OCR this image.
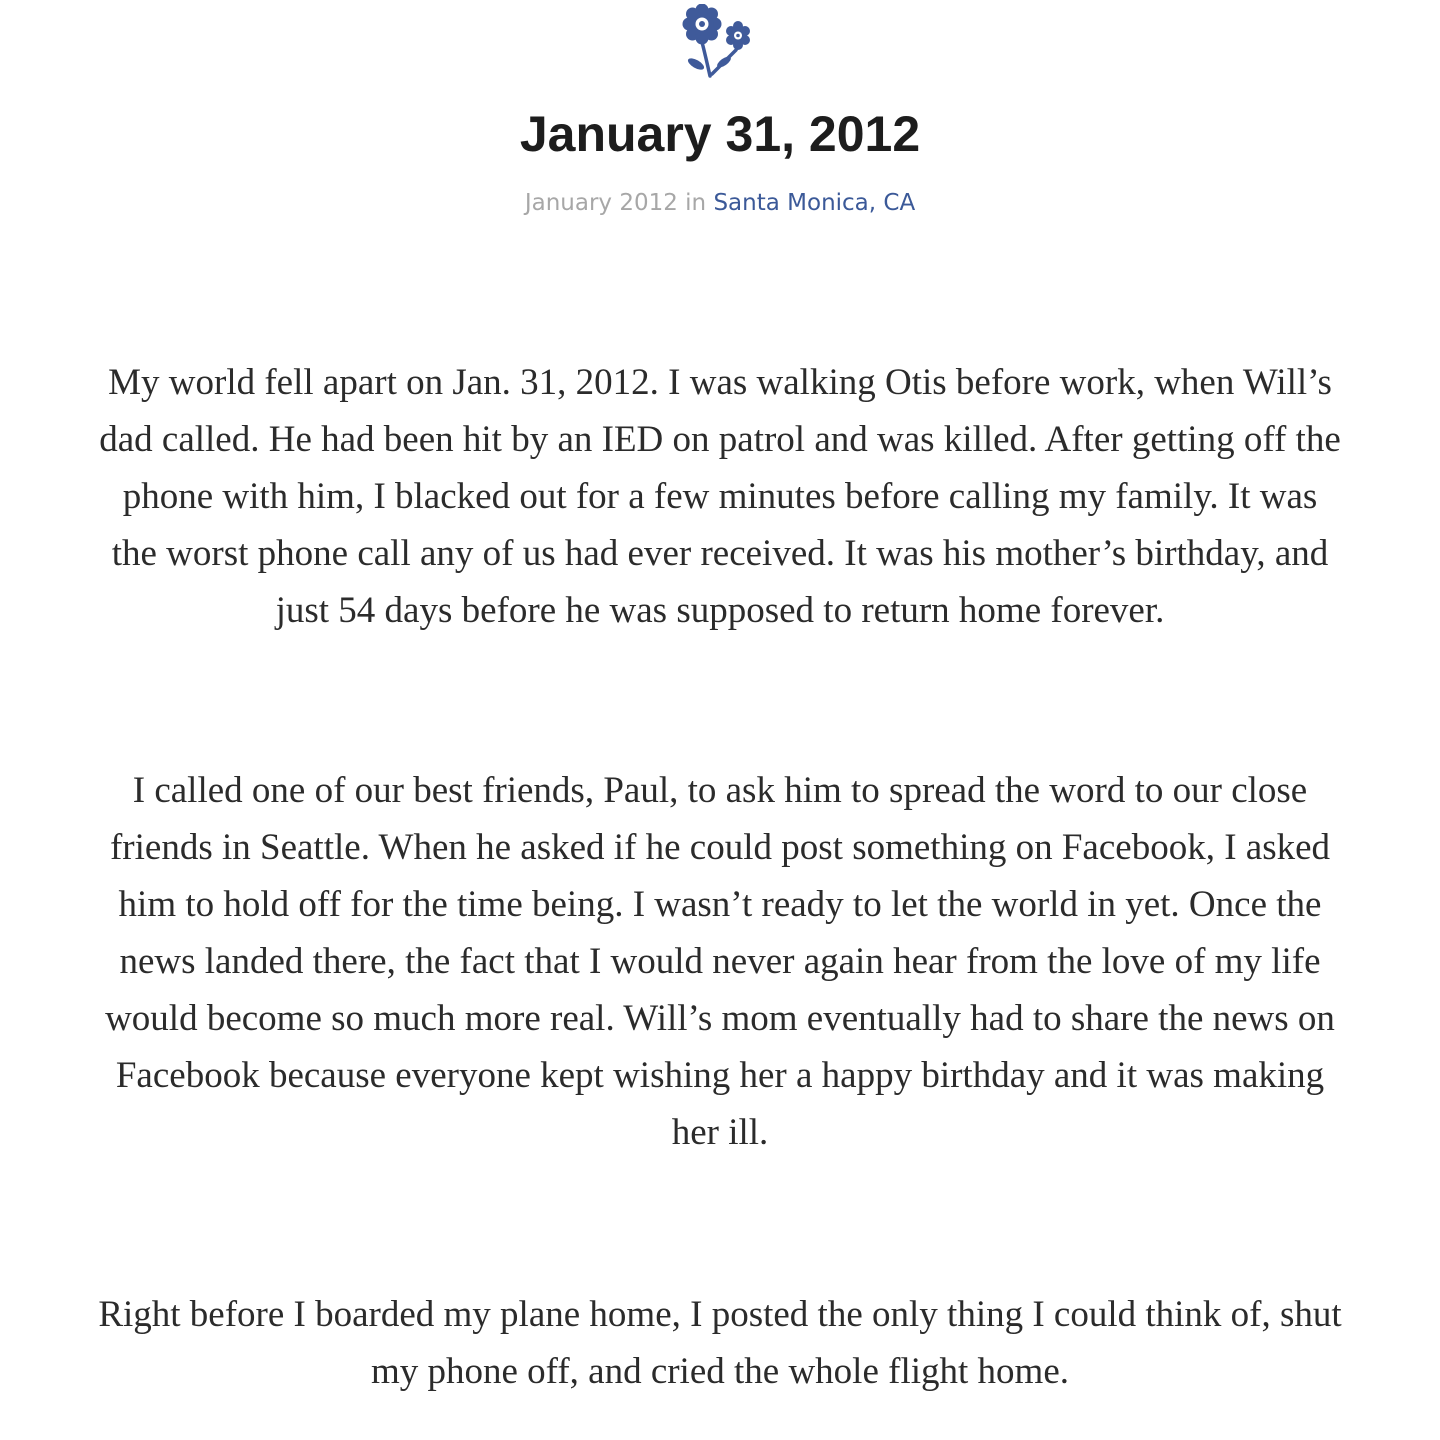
January 31, 2012
January 2012 in Santa Monica, CA

My world fell apart on Jan. 31, 2012. I was walking Otis before work, when Will’s dad called. He had been hit by an IED on patrol and was killed. After getting off the phone with him, I blacked out for a few minutes before calling my family. It was the worst phone call any of us had ever received. It was his mother’s birthday, and just 54 days before he was supposed to return home forever.

I called one of our best friends, Paul, to ask him to spread the word to our close friends in Seattle. When he asked if he could post something on Facebook, I asked him to hold off for the time being. I wasn’t ready to let the world in yet. Once the news landed there, the fact that I would never again hear from the love of my life would become so much more real. Will’s mom eventually had to share the news on Facebook because everyone kept wishing her a happy birthday and it was making her ill.

Right before I boarded my plane home, I posted the only thing I could think of, shut my phone off, and cried the whole flight home.
